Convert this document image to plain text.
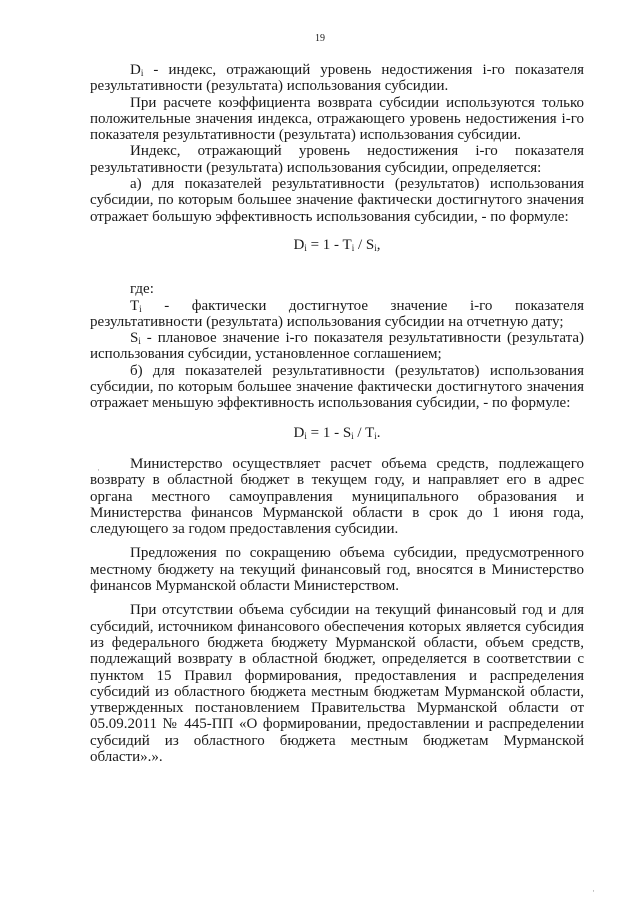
19

$D_i$ - индекс, отражающий уровень недостижения i-го показателя результативности (результата) использования субсидии.

При расчете коэффициента возврата субсидии используются только положительные значения индекса, отражающего уровень недостижения i-го показателя результативности (результата) использования субсидии.

Индекс, отражающий уровень недостижения i-го показателя результативности (результата) использования субсидии, определяется:

а) для показателей результативности (результатов) использования субсидии, по которым большее значение фактически достигнутого значения отражает большую эффективность использования субсидии, - по формуле:

$D_i = 1 - T_i / S_i$,

где:

$T_i$ - фактически достигнутое значение i-го показателя результативности (результата) использования субсидии на отчетную дату;

$S_i$ - плановое значение i-го показателя результативности (результата) использования субсидии, установленное соглашением;

б) для показателей результативности (результатов) использования субсидии, по которым большее значение фактически достигнутого значения отражает меньшую эффективность использования субсидии, - по формуле:

$D_i = 1 - S_i / T_i$.

Министерство осуществляет расчет объема средств, подлежащего возврату в областной бюджет в текущем году, и направляет его в адрес органа местного самоуправления муниципального образования и Министерства финансов Мурманской области в срок до 1 июня года, следующего за годом предоставления субсидии.

Предложения по сокращению объема субсидии, предусмотренного местному бюджету на текущий финансовый год, вносятся в Министерство финансов Мурманской области Министерством.

При отсутствии объема субсидии на текущий финансовый год и для субсидий, источником финансового обеспечения которых является субсидия из федерального бюджета бюджету Мурманской области, объем средств, подлежащий возврату в областной бюджет, определяется в соответствии с пунктом 15 Правил формирования, предоставления и распределения субсидий из областного бюджета местным бюджетам Мурманской области, утвержденных постановлением Правительства Мурманской области от 05.09.2011 № 445-ПП «О формировании, предоставлении и распределении субсидий из областного бюджета местным бюджетам Мурманской области».».

·
·
